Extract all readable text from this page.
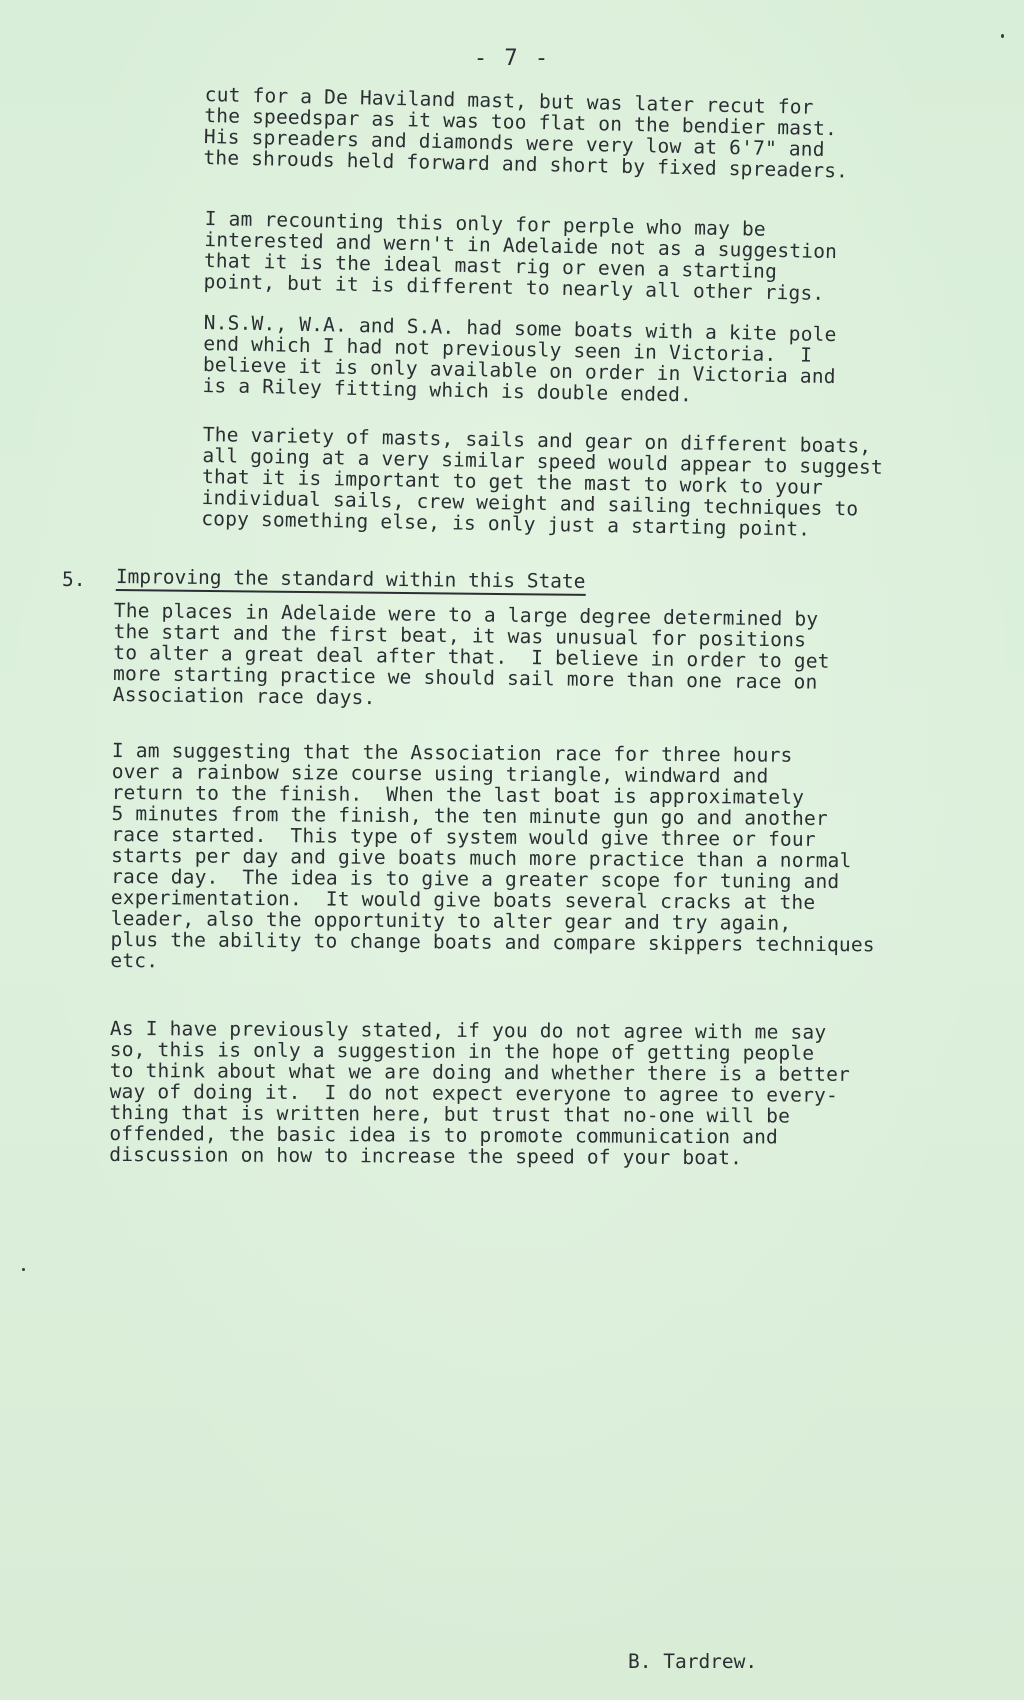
- 7 -

cut for a De Haviland mast, but was later recut for
the speedspar as it was too flat on the bendier mast.
His spreaders and diamonds were very low at 6'7" and
the shrouds held forward and short by fixed spreaders.

I am recounting this only for perple who may be
interested and wern't in Adelaide not as a suggestion
that it is the ideal mast rig or even a starting
point, but it is different to nearly all other rigs.

N.S.W., W.A. and S.A. had some boats with a kite pole
end which I had not previously seen in Victoria.  I
believe it is only available on order in Victoria and
is a Riley fitting which is double ended.

The variety of masts, sails and gear on different boats,
all going at a very similar speed would appear to suggest
that it is important to get the mast to work to your
individual sails, crew weight and sailing techniques to
copy something else, is only just a starting point.

5. Improving the standard within this State

The places in Adelaide were to a large degree determined by
the start and the first beat, it was unusual for positions
to alter a great deal after that.  I believe in order to get
more starting practice we should sail more than one race on
Association race days.

I am suggesting that the Association race for three hours
over a rainbow size course using triangle, windward and
return to the finish.  When the last boat is approximately
5 minutes from the finish, the ten minute gun go and another
race started.  This type of system would give three or four
starts per day and give boats much more practice than a normal
race day.  The idea is to give a greater scope for tuning and
experimentation.  It would give boats several cracks at the
leader, also the opportunity to alter gear and try again,
plus the ability to change boats and compare skippers techniques
etc.

As I have previously stated, if you do not agree with me say
so, this is only a suggestion in the hope of getting people
to think about what we are doing and whether there is a better
way of doing it.  I do not expect everyone to agree to every-
thing that is written here, but trust that no-one will be
offended, the basic idea is to promote communication and
discussion on how to increase the speed of your boat.

B. Tardrew.
